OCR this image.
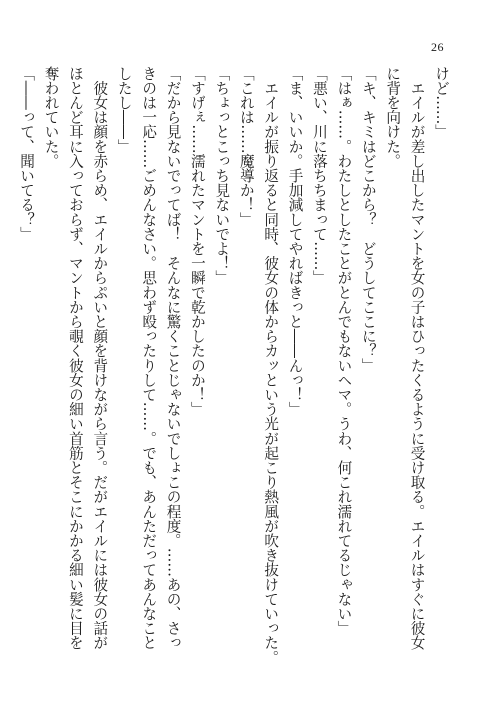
26

けど……」

　エイルが差し出したマントを女の子はひったくるように受け取る。エイルはすぐに彼女

に背を向けた。

「キ、キミはどこから？　どうしてここに？」

「はぁ……。わたしとしたことがとんでもないヘマ。うわ、何これ濡れてるじゃない」

「悪い、川に落ちちまって……」

「ま、いいか。手加減してやればきっと――んっ！」

　エイルが振り返ると同時、彼女の体からカッという光が起こり熱風が吹き抜けていった。

「これは……魔導か！」

「ちょっとこっち見ないでよ！」

「すげぇ……濡れたマントを一瞬で乾かしたのか！」

「だから見ないでってば！　そんなに驚くことじゃないでしょこの程度。……あの、さっ

きのは一応……ごめんなさい。思わず殴ったりして……。でも、あんただってあんなこと

したし――」

　彼女は顔を赤らめ、エイルからぷいと顔を背けながら言う。だがエイルには彼女の話が

ほとんど耳に入っておらず、マントから覗く彼女の細い首筋とそこにかかる細い髪に目を

奪われていた。

「――って、聞いてる？」
